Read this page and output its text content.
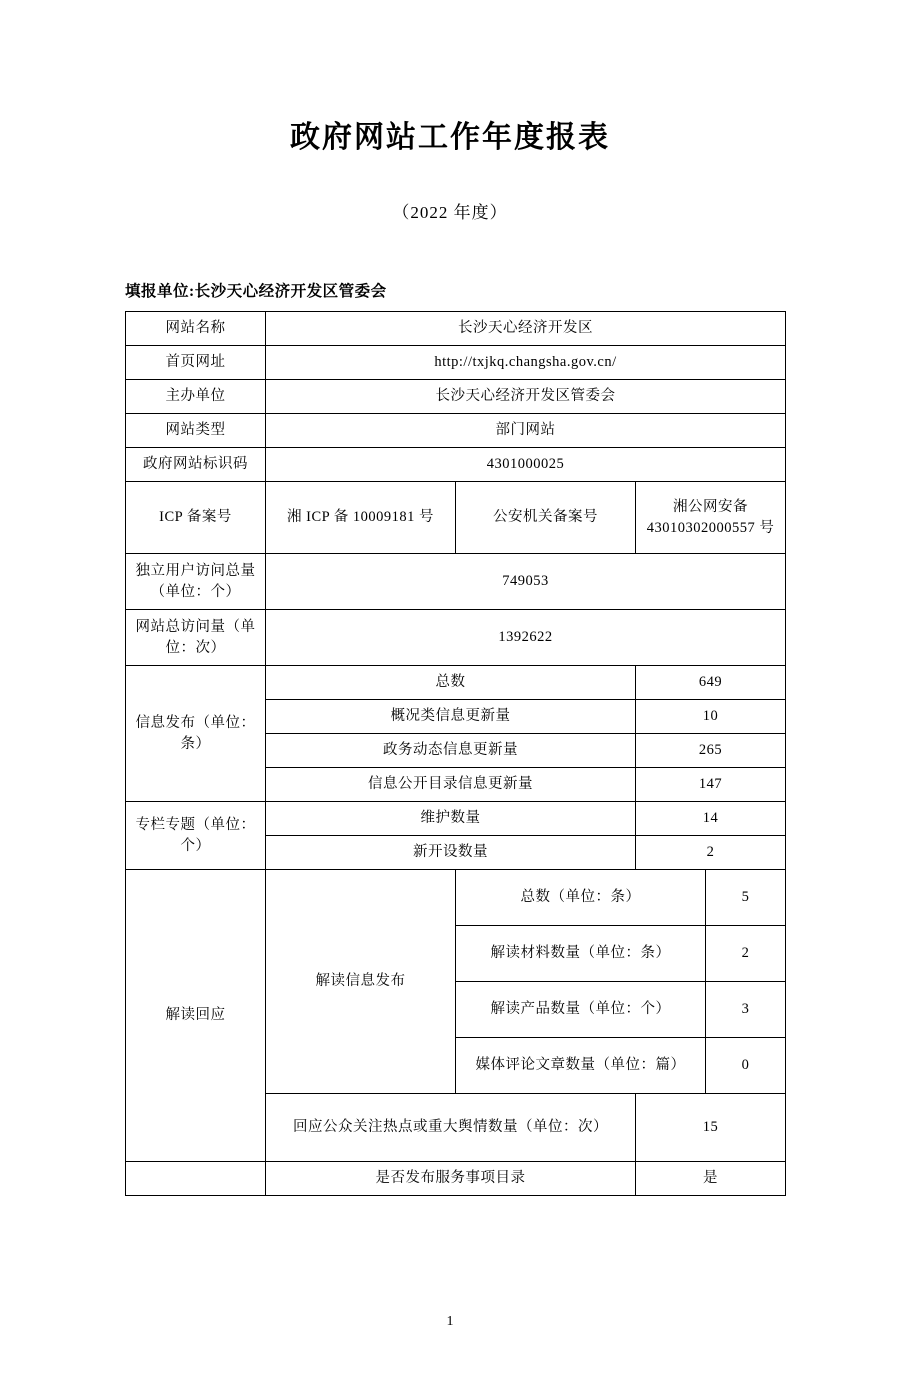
政府网站工作年度报表
（2022 年度）
填报单位:长沙天心经济开发区管委会
网站名称	长沙天心经济开发区			
首页网址	http://txjkq.changsha.gov.cn/			
主办单位	长沙天心经济开发区管委会			
网站类型	部门网站			
政府网站标识码	4301000025			
ICP 备案号	湘 ICP 备 10009181 号	公安机关备案号	湘公网安备 43010302000557 号	
独立用户访问总量（单位：个）	749053			
网站总访问量（单位：次）	1392622			
信息发布（单位：条）	总数		649	
	概况类信息更新量		10	
	政务动态信息更新量		265	
	信息公开目录信息更新量		147	
专栏专题（单位：个）	维护数量		14	
	新开设数量		2	
解读回应	解读信息发布	总数（单位：条）		5
		解读材料数量（单位：条）		2
		解读产品数量（单位：个）		3
		媒体评论文章数量（单位：篇）		0
	回应公众关注热点或重大舆情数量（单位：次）		15	
	是否发布服务事项目录		是	
1
